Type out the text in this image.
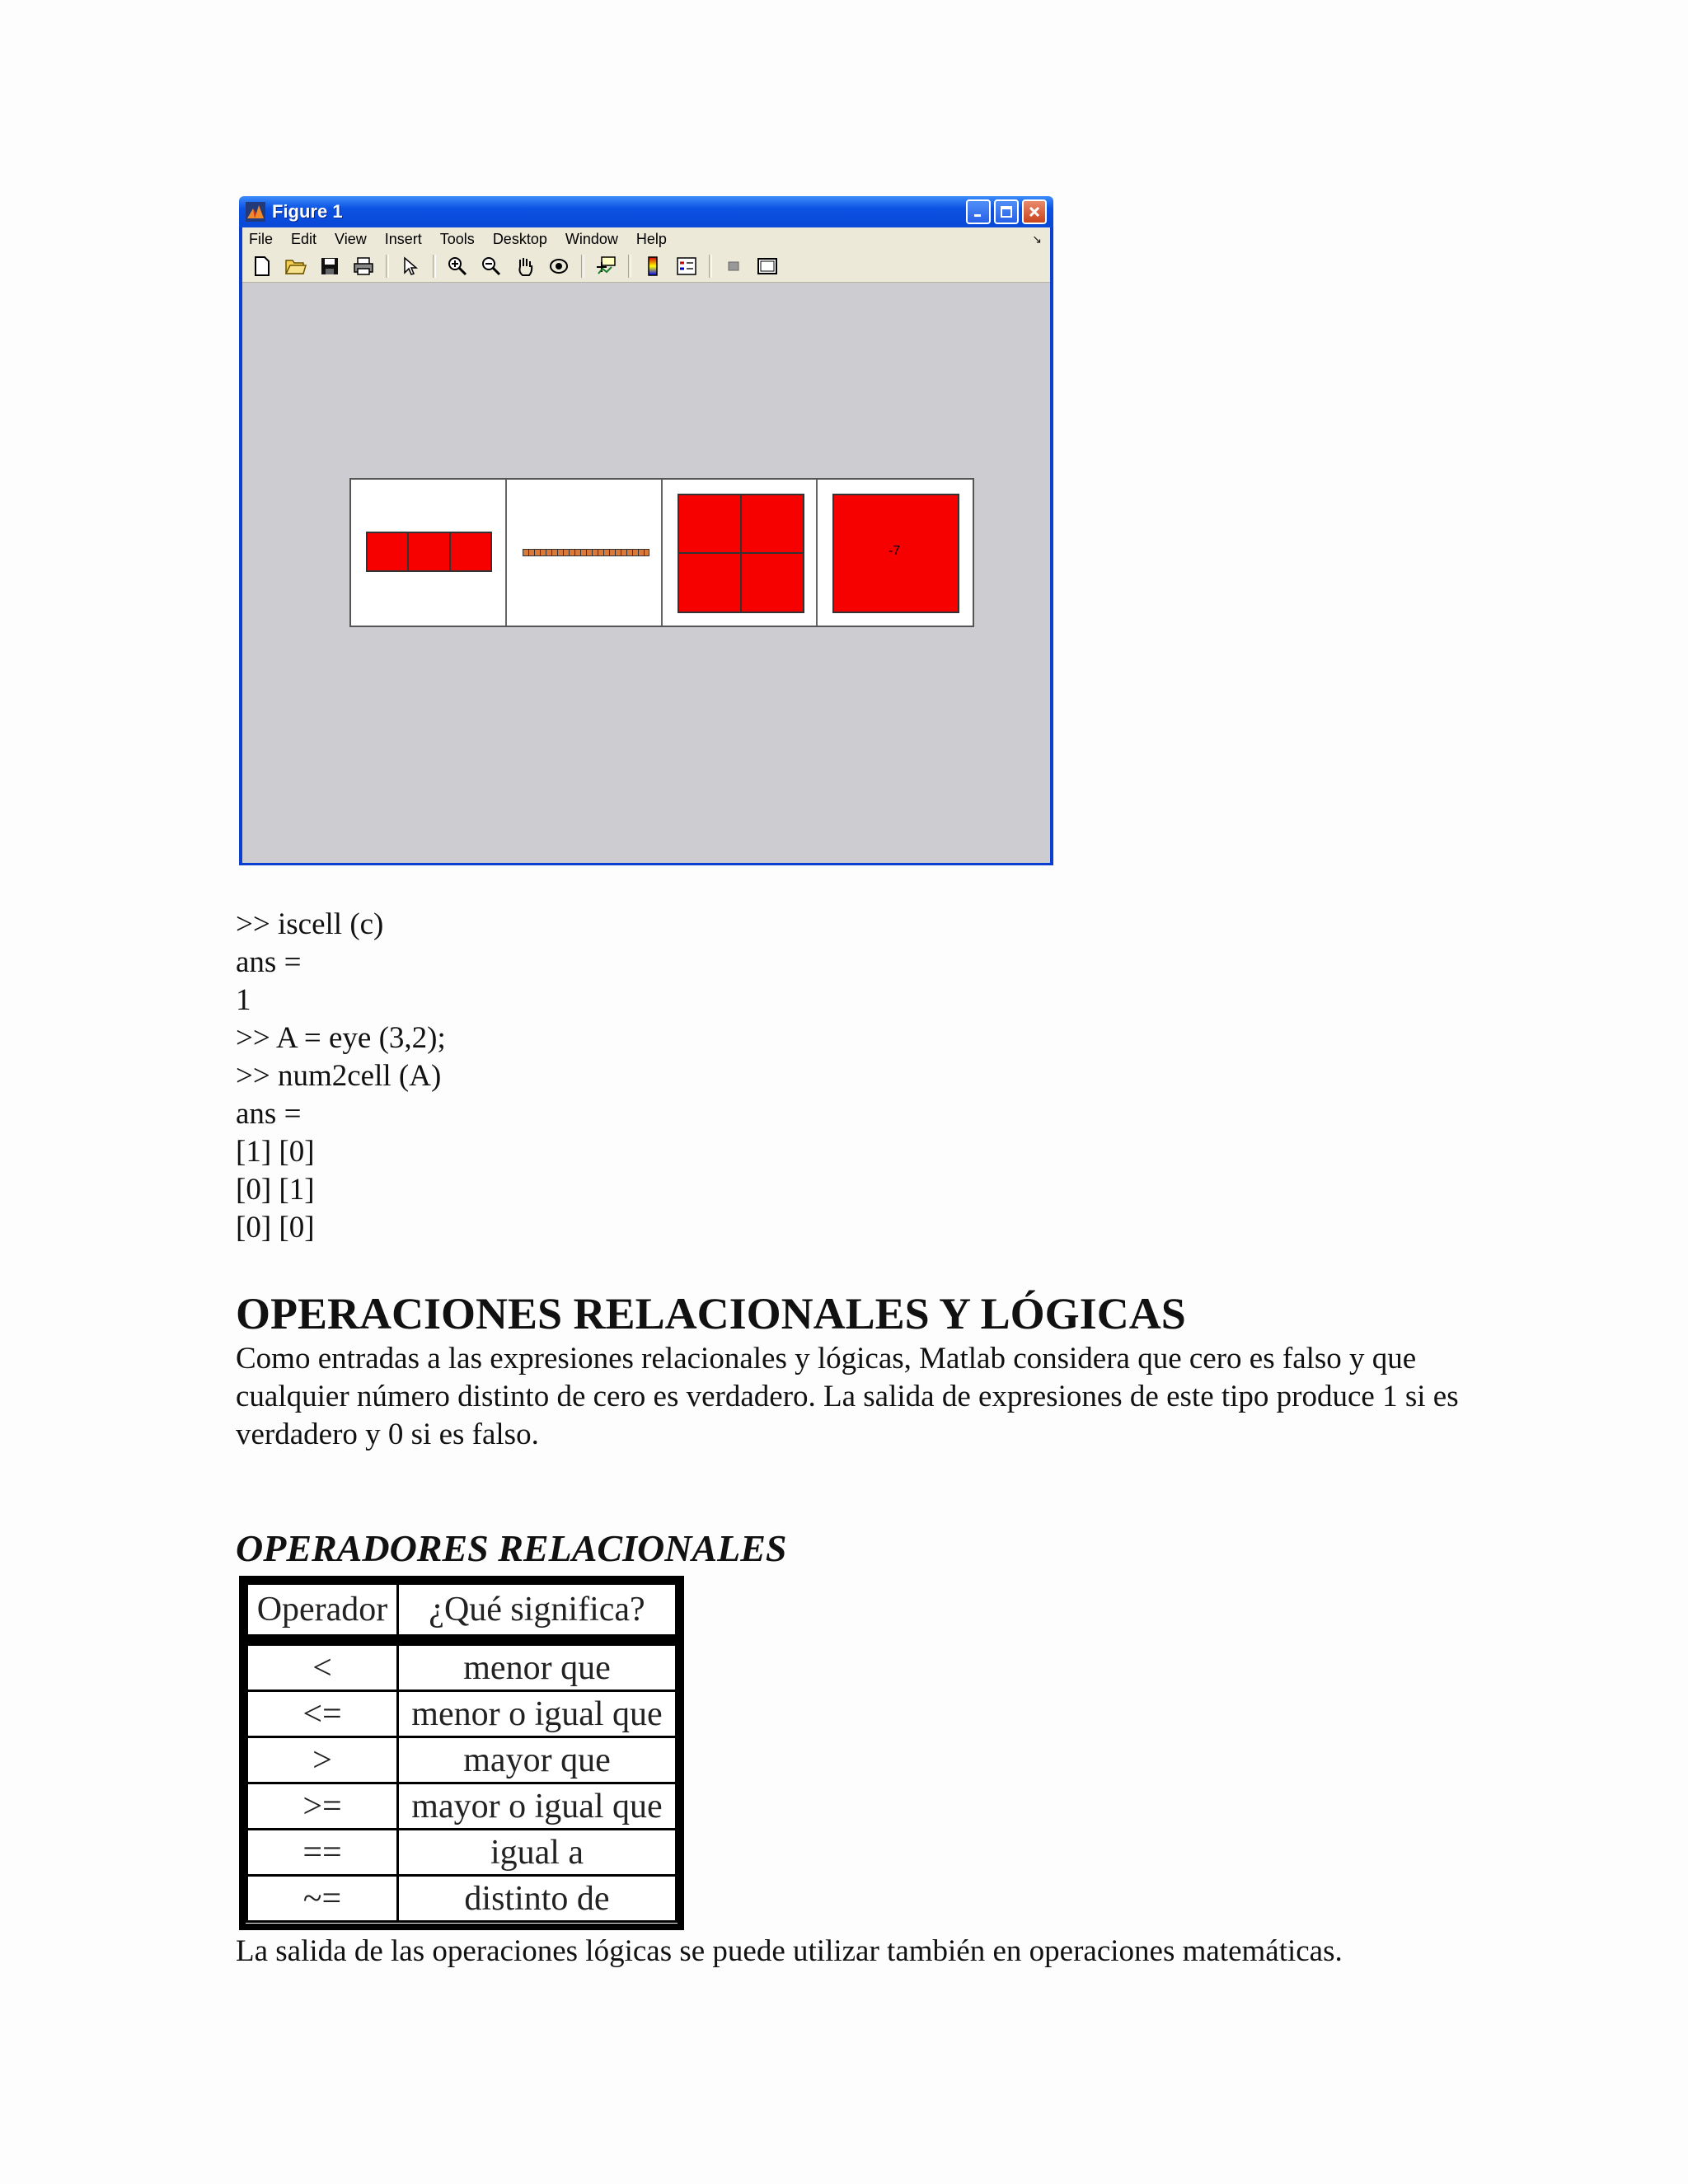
Figure 1
File Edit View Insert Tools Desktop Window Help	↘
-7
>> iscell (c)
ans =
1
>> A = eye (3,2);
>> num2cell (A)
ans =
[1] [0]
[0] [1]
[0] [0]
OPERACIONES RELACIONALES Y LÓGICAS

Como entradas a las expresiones relacionales y lógicas, Matlab considera que cero es falso y que cualquier número distinto de cero es verdadero. La salida de expresiones de este tipo produce 1 si es verdadero y 0 si es falso.

OPERADORES RELACIONALES
Operador	¿Qué significa?
<	menor que
<=	menor o igual que
>	mayor que
>=	mayor o igual que
==	igual a
~=	distinto de

La salida de las operaciones lógicas se puede utilizar también en operaciones matemáticas.
